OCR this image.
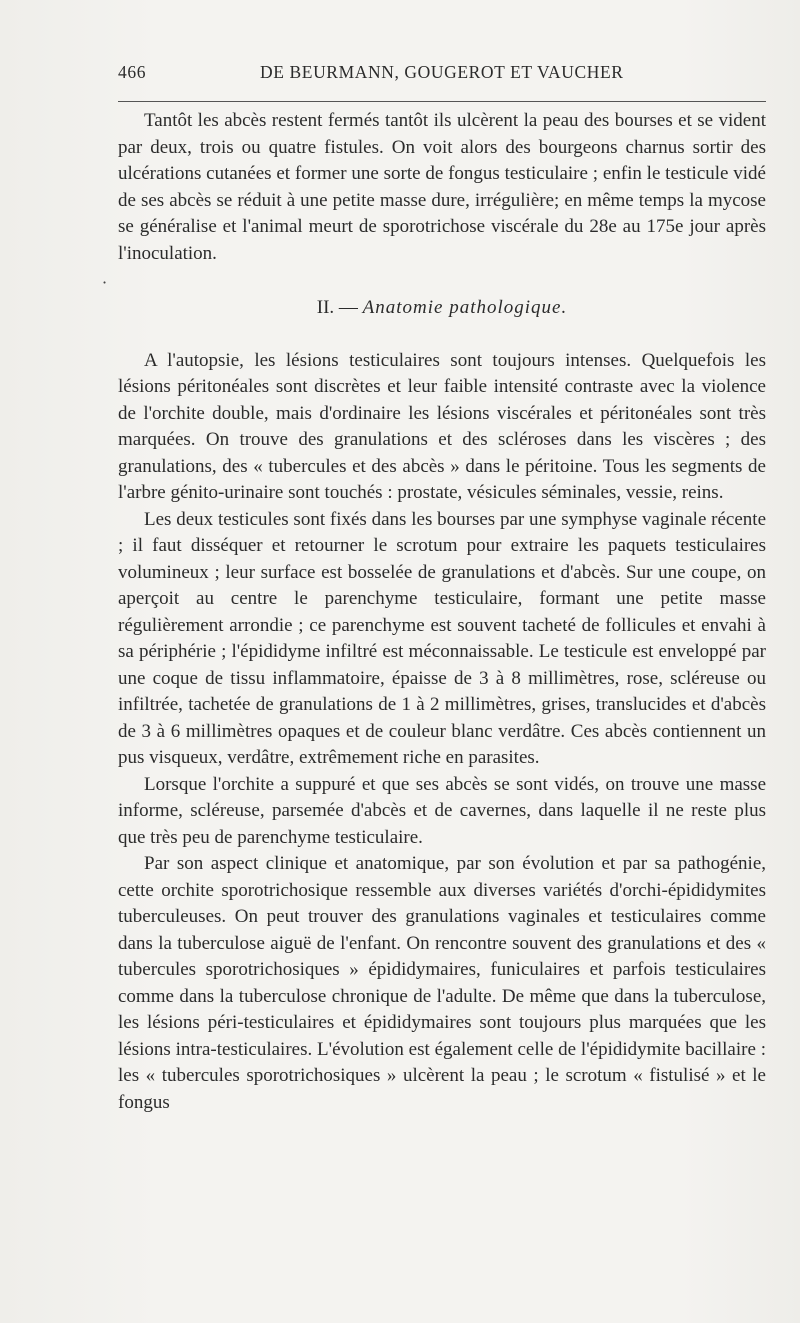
466	DE BEURMANN, GOUGEROT ET VAUCHER
·

Tantôt les abcès restent fermés tantôt ils ulcèrent la peau des bourses et se vident par deux, trois ou quatre fistules. On voit alors des bourgeons charnus sortir des ulcérations cutanées et former une sorte de fongus testiculaire ; enfin le testicule vidé de ses abcès se réduit à une petite masse dure, irrégulière; en même temps la mycose se généralise et l'animal meurt de sporotrichose viscérale du 28e au 175e jour après l'inoculation.

II. — Anatomie pathologique.

A l'autopsie, les lésions testiculaires sont toujours intenses. Quelquefois les lésions péritonéales sont discrètes et leur faible intensité contraste avec la violence de l'orchite double, mais d'ordinaire les lésions viscérales et péritonéales sont très marquées. On trouve des granulations et des scléroses dans les viscères ; des granulations, des « tubercules et des abcès » dans le péritoine. Tous les segments de l'arbre génito-urinaire sont touchés : prostate, vésicules séminales, vessie, reins.

Les deux testicules sont fixés dans les bourses par une symphyse vaginale récente ; il faut disséquer et retourner le scrotum pour extraire les paquets testiculaires volumineux ; leur surface est bosselée de granulations et d'abcès. Sur une coupe, on aperçoit au centre le parenchyme testiculaire, formant une petite masse régulièrement arrondie ; ce parenchyme est souvent tacheté de follicules et envahi à sa périphérie ; l'épididyme infiltré est méconnaissable. Le testicule est enveloppé par une coque de tissu inflammatoire, épaisse de 3 à 8 millimètres, rose, scléreuse ou infiltrée, tachetée de granulations de 1 à 2 millimètres, grises, translucides et d'abcès de 3 à 6 millimètres opaques et de couleur blanc verdâtre. Ces abcès contiennent un pus visqueux, verdâtre, extrêmement riche en parasites.

Lorsque l'orchite a suppuré et que ses abcès se sont vidés, on trouve une masse informe, scléreuse, parsemée d'abcès et de cavernes, dans laquelle il ne reste plus que très peu de parenchyme testiculaire.

Par son aspect clinique et anatomique, par son évolution et par sa pathogénie, cette orchite sporotrichosique ressemble aux diverses variétés d'orchi-épididymites tuberculeuses. On peut trouver des granulations vaginales et testiculaires comme dans la tuberculose aiguë de l'enfant. On rencontre souvent des granulations et des « tubercules sporotrichosiques » épididymaires, funiculaires et parfois testiculaires comme dans la tuberculose chronique de l'adulte. De même que dans la tuberculose, les lésions péri-testiculaires et épididymaires sont toujours plus marquées que les lésions intra-testiculaires. L'évolution est également celle de l'épididymite bacillaire : les « tubercules sporotrichosiques » ulcèrent la peau ; le scrotum « fistulisé » et le fongus
